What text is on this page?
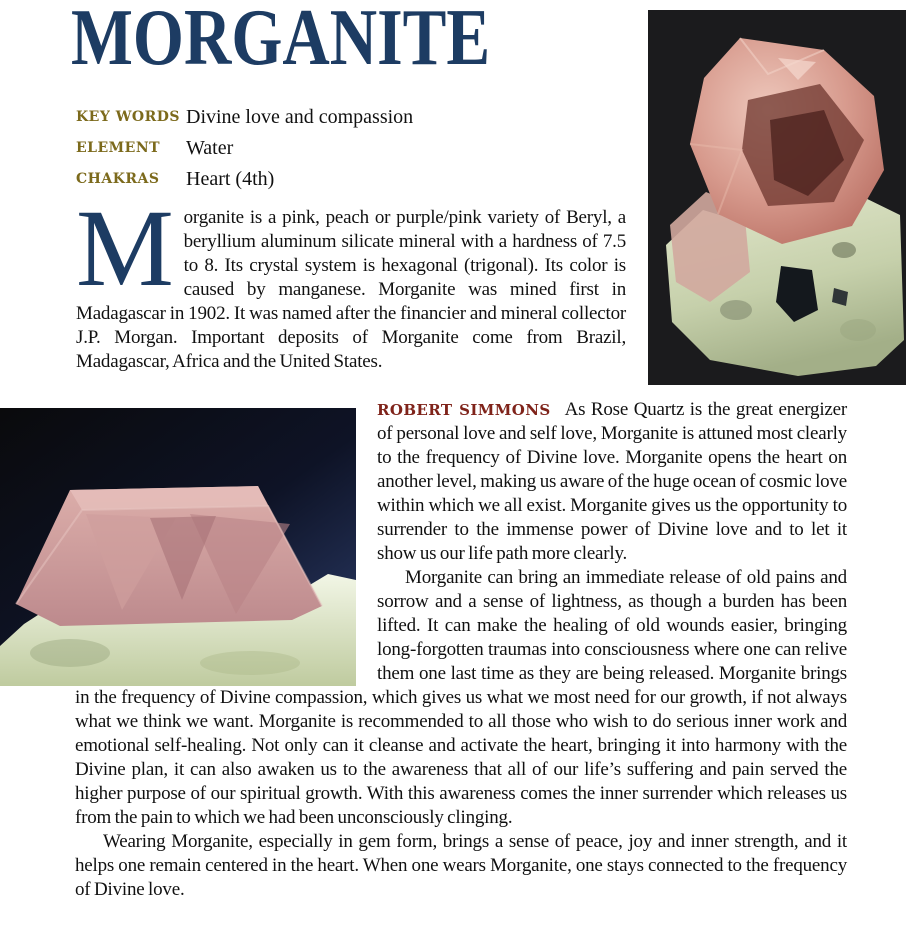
MORGANITE
KEY WORDS Divine love and compassion
ELEMENT Water
CHAKRAS Heart (4th)

Morganite is a pink, peach or purple/pink variety of Beryl, a beryllium aluminum silicate mineral with a hardness of 7.5 to 8. Its crystal system is hexagonal (trigonal). Its color is caused by manganese. Morganite was mined first in Madagascar in 1902. It was named after the financier and mineral collector J.P. Morgan. Important deposits of Morganite come from Brazil, Madagascar, Africa and the United States.

ROBERT SIMMONS As Rose Quartz is the great energizer of personal love and self love, Morganite is attuned most clearly to the frequency of Divine love. Morganite opens the heart on another level, making us aware of the huge ocean of cosmic love within which we all exist. Morganite gives us the opportunity to surrender to the immense power of Divine love and to let it show us our life path more clearly.

Morganite can bring an immediate release of old pains and sorrow and a sense of lightness, as though a burden has been lifted. It can make the healing of old wounds easier, bringing long-forgotten traumas into consciousness where one can relive them one last time as they are being released. Morganite brings in the frequency of Divine compassion, which gives us what we most need for our growth, if not always what we think we want. Morganite is recommended to all those who wish to do serious inner work and emotional self-healing. Not only can it cleanse and activate the heart, bringing it into harmony with the Divine plan, it can also awaken us to the awareness that all of our life’s suffering and pain served the higher purpose of our spiritual growth. With this awareness comes the inner surrender which releases us from the pain to which we had been unconsciously clinging.

Wearing Morganite, especially in gem form, brings a sense of peace, joy and inner strength, and it helps one remain centered in the heart. When one wears Morganite, one stays connected to the frequency of Divine love.
